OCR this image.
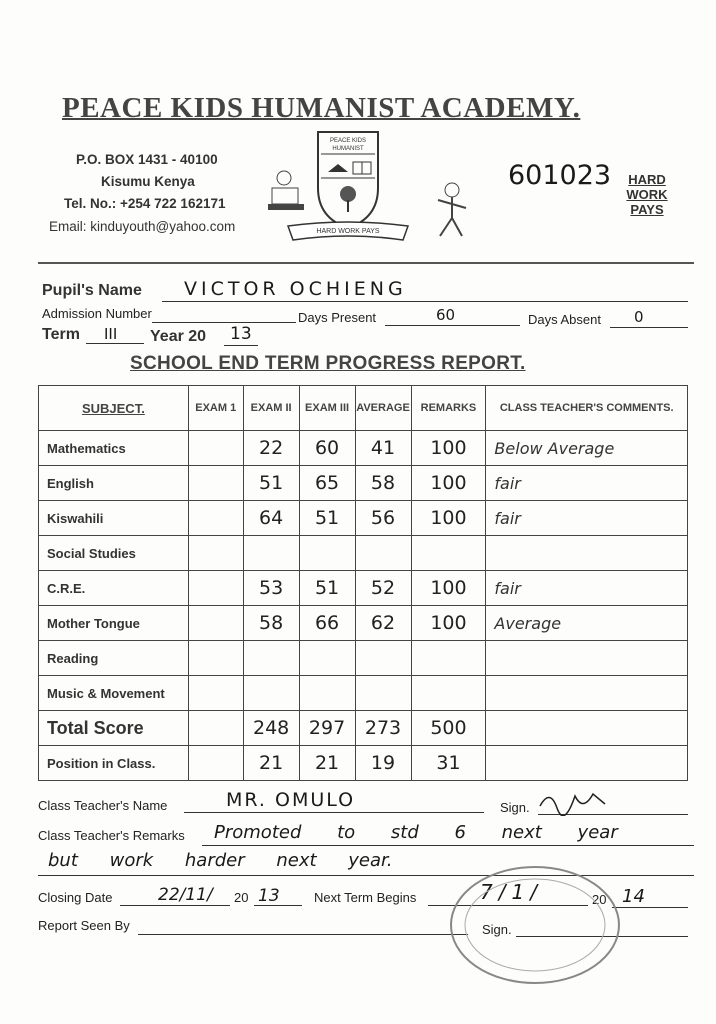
PEACE KIDS HUMANIST ACADEMY.
P.O. BOX 1431 - 40100
Kisumu Kenya
Tel. No.: +254 722 162171
Email: kinduyouth@yahoo.com
PEACE KIDS
HUMANIST
HARD WORK PAYS
601023	HARD
WORK
PAYS
Pupil's Name VICTOR OCHIENG
Admission Number	Days Present	60	Days Absent 0
Term III Year 20 13
SCHOOL END TERM PROGRESS REPORT.
SUBJECT.	EXAM 1	EXAM II	EXAM III	AVERAGE	REMARKS	CLASS TEACHER'S COMMENTS.
Mathematics		22	60	41	100	Below Average
English		51	65	58	100	fair
Kiswahili		64	51	56	100	fair
Social Studies						
C.R.E.		53	51	52	100	fair
Mother Tongue		58	66	62	100	Average
Reading						
Music & Movement						
Total Score		248	297	273	500	
Position in Class.		21	21	19	31	
Class Teacher's Name	MR. OMULO	Sign.
Class Teacher's Remarks Promoted to std 6 next year
but work harder next year.
Closing Date	22/11/ 20 13	Next Term Begins	7/1/	20 14
Report Seen By	Sign.
